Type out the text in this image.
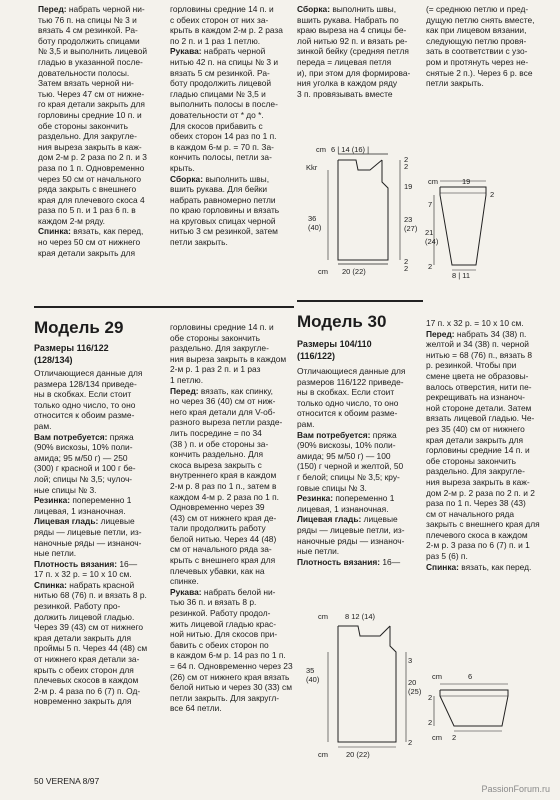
Перед: набрать черной ни-

тью 76 п. на спицы № 3 и

вязать 4 см резинкой. Ра-

боту продолжить спицами

№ 3,5 и выполнить лицевой

гладью в указанной после-

довательности полосы.

Затем вязать черной ни-

тью. Через 47 см от нижне-

го края детали закрыть для

горловины средние 10 п. и

обе стороны закончить

раздельно. Для закругле-

ния выреза закрыть в каж-

дом 2-м р. 2 раза по 2 п. и 3

раза по 1 п. Одновременно

через 50 см от начального

ряда закрыть с внешнего

края для плечевого скоса 4

раза по 5 п. и 1 раз 6 п. в

каждом 2-м ряду.

Спинка: вязать, как перед,

но через 50 см от нижнего

края детали закрыть для

горловины средние 14 п. и

с обеих сторон от них за-

крыть в каждом 2-м р. 2 раза

по 2 п. и 1 раз 1 петлю.

Рукава: набрать черной

нитью 42 п. на спицы № 3 и

вязать 5 см резинкой. Ра-

боту продолжить лицевой

гладью спицами № 3,5 и

выполнить полосы в после-

довательности от * до *.

Для скосов прибавить с

обеих сторон 14 раз по 1 п.

в каждом 6-м р. = 70 п. За-

кончить полосы, петли за-

крыть.

Сборка: выполнить швы,

вшить рукава. Для бейки

набрать равномерно петли

по краю горловины и вязать

на круговых спицах черной

нитью 3 см резинкой, затем

петли закрыть.

Сборка: выполнить швы,

вшить рукава. Набрать по

краю выреза на 4 спицы бе-

лой нитью 92 п. и вязать ре-

зинкой бейку (средняя петля

переда = лицевая петля

и), при этом для формирова-

ния уголка в каждом ряду

3 п. провязывать вместе

(= среднюю петлю и пред-

дущую петлю снять вместе,

как при лицевом вязании,

следующую петлю провя-

зать в соответствии с узо-

ром и протянуть через не-

снятые 2 п.). Через 6 р. все

петли закрыть.

6 | 14 (16) |
cm
19
23
(27)
36
(40)
20 (22)
cm
Kkr
2
2
2
2
19
cm
7
21
(24)
2
8 | 11
2
Модель 29
Размеры 116/122
(128/134)

Отличающиеся данные для

размера 128/134 приведе-

ны в скобках. Если стоит

только одно число, то оно

относится к обоим разме-

рам.

Вам потребуется: пряжа

(90% вискозы, 10% поли-

амида; 95 м/50 г) — 250

(300) г красной и 100 г бе-

лой; спицы № 3,5; чулоч-

ные спицы № 3.

Резинка: попеременно 1

лицевая, 1 изнаночная.

Лицевая гладь: лицевые

ряды — лицевые петли, из-

наночные ряды — изнаноч-

ные петли.

Плотность вязания: 16—

17 п. x 32 р. = 10 x 10 см.

Спинка: набрать красной

нитью 68 (76) п. и вязать 8 р.

резинкой. Работу про-

должить лицевой гладью.

Через 39 (43) см от нижнего

края детали закрыть для

проймы 5 п. Через 44 (48) см

от нижнего края детали за-

крыть с обеих сторон для

плечевых скосов в каждом

2-м р. 4 раза по 6 (7) п. Од-

новременно закрыть для

горловины средние 14 п. и

обе стороны закончить

раздельно. Для закругле-

ния выреза закрыть в каждом

2-м р. 1 раз 2 п. и 1 раз

1 петлю.

Перед: вязать, как спинку,

но через 36 (40) см от ниж-

него края детали для V-об-

разного выреза петли разде-

лить посредине = по 34

(38 ) п. и обе стороны за-

кончить раздельно. Для

скоса выреза закрыть с

внутреннего края в каждом

2-м р. 8 раз по 1 п., затем в

каждом 4-м р. 2 раза по 1 п.

Одновременно через 39

(43) см от нижнего края де-

тали продолжить работу

белой нитью. Через 44 (48)

см от начального ряда за-

крыть с внешнего края для

плечевых убавки, как на

спинке.

Рукава: набрать белой ни-

тью 36 п. и вязать 8 р.

резинкой. Работу продол-

жить лицевой гладью крас-

ной нитью. Для скосов при-

бавить с обеих сторон по

в каждом 6-м р. 14 раз по 1 п.

= 64 п. Одновременно через 23

(26) см от нижнего края вязать

белой нитью и через 30 (33) см

петли закрыть. Для закругл-

все 64 петли.

Модель 30
Размеры 104/110
(116/122)

Отличающиеся данные для

размеров 116/122 приведе-

ны в скобках. Если стоит

только одно число, то оно

относится к обоим разме-

рам.

Вам потребуется: пряжа

(90% вискозы, 10% поли-

амида; 95 м/50 г) — 100

(150) г черной и желтой, 50

г белой; спицы № 3,5; кру-

говые спицы № 3.

Резинка: попеременно 1

лицевая, 1 изнаночная.

Лицевая гладь: лицевые

ряды — лицевые петли, из-

наночные ряды — изнаноч-

ные петли.

Плотность вязания: 16—

17 п. x 32 р. = 10 x 10 см.

Перед: набрать 34 (38) п.

желтой и 34 (38) п. черной

нитью = 68 (76) п., вязать 8

р. резинкой. Чтобы при

смене цвета не образовы-

валось отверстия, нити пе-

рекрещивать на изнаноч-

ной стороне детали. Затем

вязать лицевой гладью. Че-

рез 35 (40) см от нижнего

края детали закрыть для

горловины средние 14 п. и

обе стороны закончить

раздельно. Для закругле-

ния выреза закрыть в каж-

дом 2-м р. 2 раза по 2 п. и 2

раза по 1 п. Через 38 (43)

см от начального ряда

закрыть с внешнего края для

плечевого скоса в каждом

2-м р. 3 раза по 6 (7) п. и 1

раз 5 (6) п.

Спинка: вязать, как перед.

8 12 (14)
cm
35
(40)	20
(25)
3
2
20 (22)
cm
6
cm
2
2
2
cm
50 VERENA 8/97
PassionForum.ru
